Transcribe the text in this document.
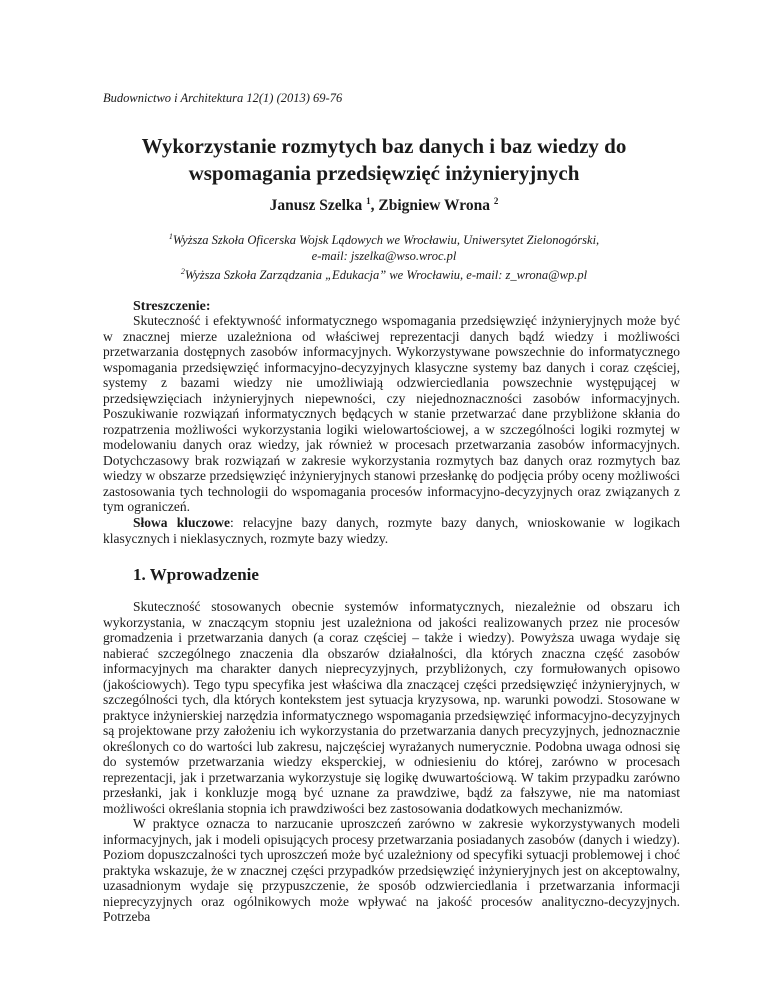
Budownictwo i Architektura 12(1) (2013) 69-76
Wykorzystanie rozmytych baz danych i baz wiedzy do wspomagania przedsięwzięć inżynieryjnych
Janusz Szelka $^1$, Zbigniew Wrona $^2$
$^1$Wyższa Szkoła Oficerska Wojsk Lądowych we Wrocławiu, Uniwersytet Zielonogórski,
e-mail: jszelka@wso.wroc.pl
$^2$Wyższa Szkoła Zarządzania „Edukacja” we Wrocławiu, e-mail: z_wrona@wp.pl
Streszczenie:

Skuteczność i efektywność informatycznego wspomagania przedsięwzięć inżynieryjnych może być w znacznej mierze uzależniona od właściwej reprezentacji danych bądź wiedzy i możliwości przetwarzania dostępnych zasobów informacyjnych. Wykorzystywane powszechnie do informatycznego wspomagania przedsięwzięć informacyjno-decyzyjnych klasyczne systemy baz danych i coraz częściej, systemy z bazami wiedzy nie umożliwiają odzwierciedlania powszechnie występującej w przedsięwzięciach inżynieryjnych niepewności, czy niejednoznaczności zasobów informacyjnych. Poszukiwanie rozwiązań informatycznych będących w stanie przetwarzać dane przybliżone skłania do rozpatrzenia możliwości wykorzystania logiki wielowartościowej, a w szczególności logiki rozmytej w modelowaniu danych oraz wiedzy, jak również w procesach przetwarzania zasobów informacyjnych. Dotychczasowy brak rozwiązań w zakresie wykorzystania rozmytych baz danych oraz rozmytych baz wiedzy w obszarze przedsięwzięć inżynieryjnych stanowi przesłankę do podjęcia próby oceny możliwości zastosowania tych technologii do wspomagania procesów informacyjno-decyzyjnych oraz związanych z tym ograniczeń.

Słowa kluczowe: relacyjne bazy danych, rozmyte bazy danych, wnioskowanie w logikach klasycznych i nieklasycznych, rozmyte bazy wiedzy.

1. Wprowadzenie

Skuteczność stosowanych obecnie systemów informatycznych, niezależnie od obszaru ich wykorzystania, w znaczącym stopniu jest uzależniona od jakości realizowanych przez nie procesów gromadzenia i przetwarzania danych (a coraz częściej – także i wiedzy). Powyższa uwaga wydaje się nabierać szczególnego znaczenia dla obszarów działalności, dla których znaczna część zasobów informacyjnych ma charakter danych nieprecyzyjnych, przybliżonych, czy formułowanych opisowo (jakościowych). Tego typu specyfika jest właściwa dla znaczącej części przedsięwzięć inżynieryjnych, w szczególności tych, dla których kontekstem jest sytuacja kryzysowa, np. warunki powodzi. Stosowane w praktyce inżynierskiej narzędzia informatycznego wspomagania przedsięwzięć informacyjno-decyzyjnych są projektowane przy założeniu ich wykorzystania do przetwarzania danych precyzyjnych, jednoznacznie określonych co do wartości lub zakresu, najczęściej wyrażanych numerycznie. Podobna uwaga odnosi się do systemów przetwarzania wiedzy eksperckiej, w odniesieniu do której, zarówno w procesach reprezentacji, jak i przetwarzania wykorzystuje się logikę dwuwartościową. W takim przypadku zarówno przesłanki, jak i konkluzje mogą być uznane za prawdziwe, bądź za fałszywe, nie ma natomiast możliwości określania stopnia ich prawdziwości bez zastosowania dodatkowych mechanizmów.

W praktyce oznacza to narzucanie uproszczeń zarówno w zakresie wykorzystywanych modeli informacyjnych, jak i modeli opisujących procesy przetwarzania posiadanych zasobów (danych i wiedzy). Poziom dopuszczalności tych uproszczeń może być uzależniony od specyfiki sytuacji problemowej i choć praktyka wskazuje, że w znacznej części przypadków przedsięwzięć inżynieryjnych jest on akceptowalny, uzasadnionym wydaje się przypuszczenie, że sposób odzwierciedlania i przetwarzania informacji nieprecyzyjnych oraz ogólnikowych może wpływać na jakość procesów analityczno-decyzyjnych. Potrzeba
